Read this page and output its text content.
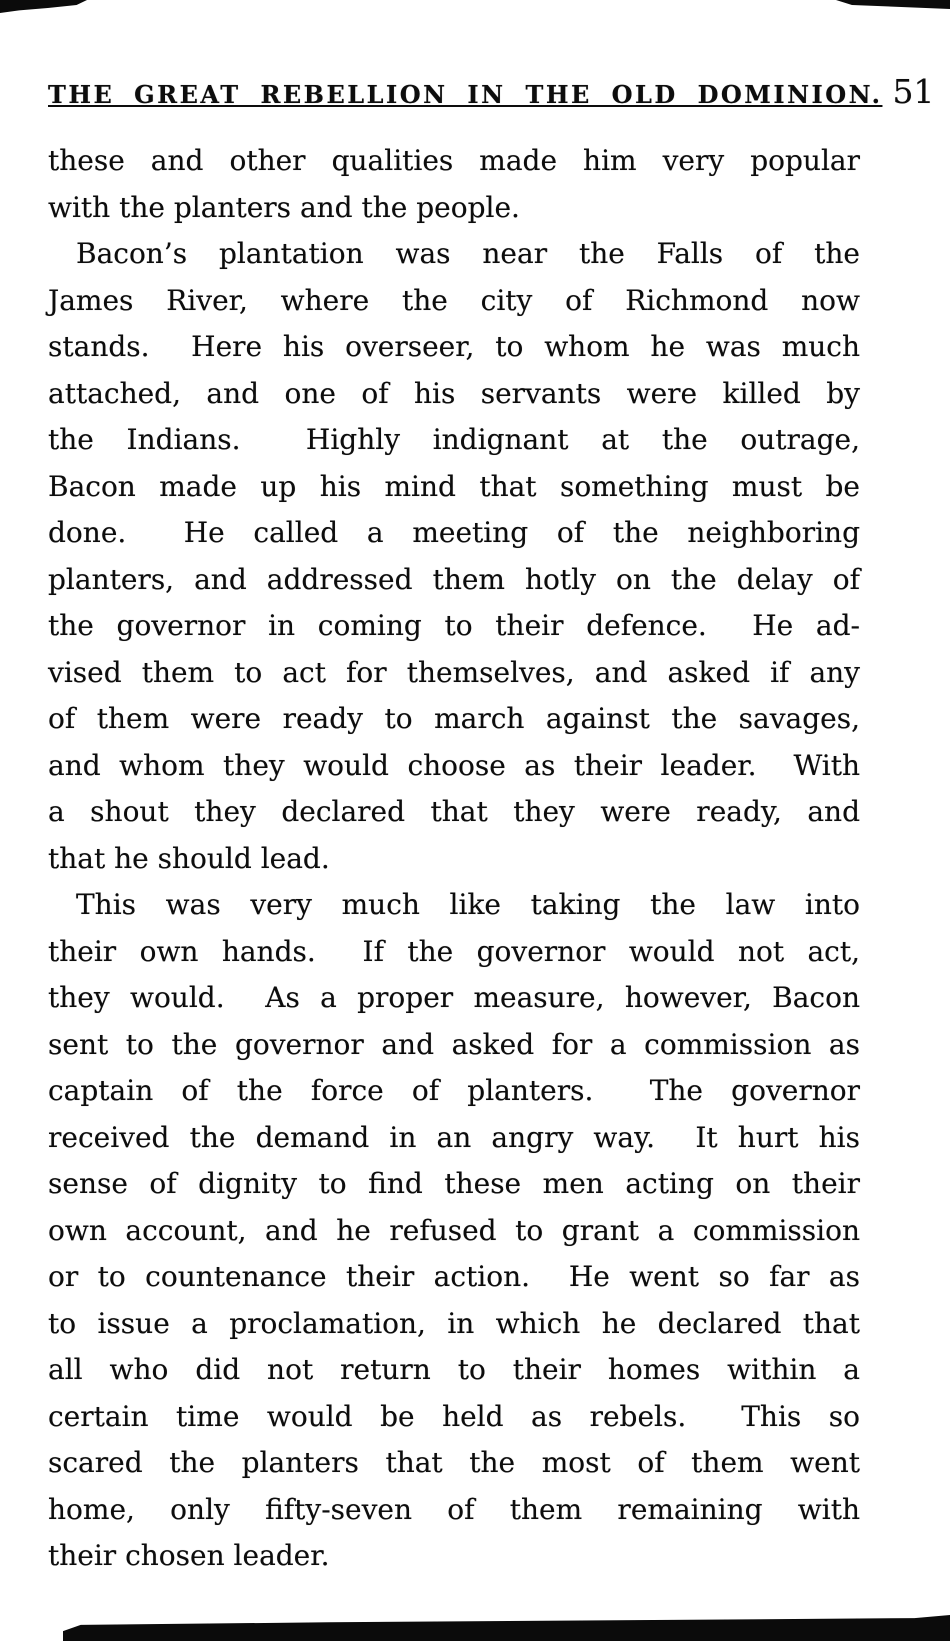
THE GREAT REBELLION IN THE OLD DOMINION. 51
these and other qualities made him very popular
with the planters and the people.
Bacon’s plantation was near the Falls of the
James River, where the city of Richmond now
stands.  Here his overseer, to whom he was much
attached, and one of his servants were killed by
the Indians.  Highly indignant at the outrage,
Bacon made up his mind that something must be
done.  He called a meeting of the neighboring
planters, and addressed them hotly on the delay of
the governor in coming to their defence.  He ad-
vised them to act for themselves, and asked if any
of them were ready to march against the savages,
and whom they would choose as their leader.  With
a shout they declared that they were ready, and
that he should lead.
This was very much like taking the law into
their own hands.  If the governor would not act,
they would.  As a proper measure, however, Bacon
sent to the governor and asked for a commission as
captain of the force of planters.  The governor
received the demand in an angry way.  It hurt his
sense of dignity to find these men acting on their
own account, and he refused to grant a commission
or to countenance their action.  He went so far as
to issue a proclamation, in which he declared that
all who did not return to their homes within a
certain time would be held as rebels.  This so
scared the planters that the most of them went
home, only fifty-seven of them remaining with
their chosen leader.
